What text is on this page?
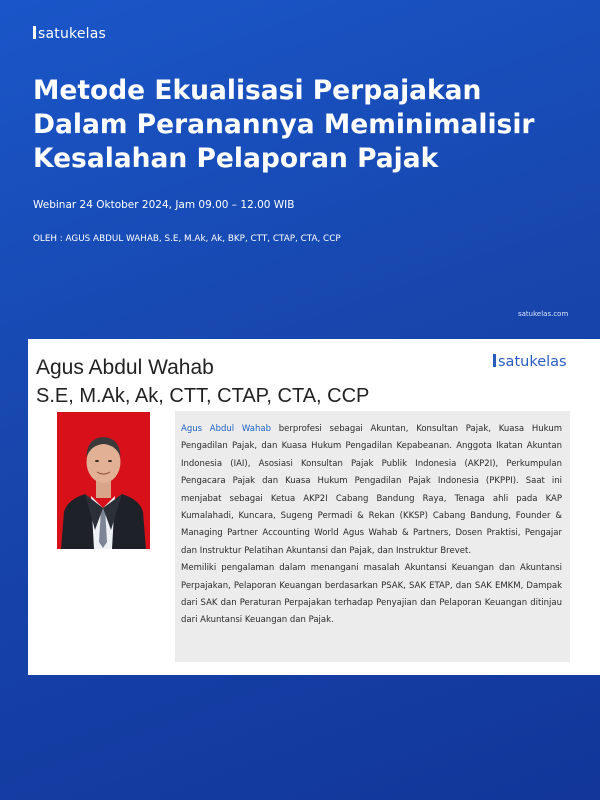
satukelas
Metode Ekualisasi Perpajakan
Dalam Peranannya Meminimalisir
Kesalahan Pelaporan Pajak
Webinar 24 Oktober 2024, Jam 09.00 – 12.00 WIB
OLEH : AGUS ABDUL WAHAB, S.E, M.Ak, Ak, BKP, CTT, CTAP, CTA, CCP
satukelas.com
Agus Abdul Wahab
S.E, M.Ak, Ak, CTT, CTAP, CTA, CCP
satukelas

Agus Abdul Wahab berprofesi sebagai Akuntan, Konsultan Pajak, Kuasa Hukum Pengadilan Pajak, dan Kuasa Hukum Pengadilan Kepabeanan. Anggota Ikatan Akuntan Indonesia (IAI), Asosiasi Konsultan Pajak Publik Indonesia (AKP2I), Perkumpulan Pengacara Pajak dan Kuasa Hukum Pengadilan Pajak Indonesia (PKPPI). Saat ini menjabat sebagai Ketua AKP2I Cabang Bandung Raya, Tenaga ahli pada KAP Kumalahadi, Kuncara, Sugeng Permadi & Rekan (KKSP) Cabang Bandung, Founder & Managing Partner Accounting World Agus Wahab & Partners, Dosen Praktisi, Pengajar dan Instruktur Pelatihan Akuntansi dan Pajak, dan Instruktur Brevet.

Memiliki pengalaman dalam menangani masalah Akuntansi Keuangan dan Akuntansi Perpajakan, Pelaporan Keuangan berdasarkan PSAK, SAK ETAP, dan SAK EMKM, Dampak dari SAK dan Peraturan Perpajakan terhadap Penyajian dan Pelaporan Keuangan ditinjau dari Akuntansi Keuangan dan Pajak.
